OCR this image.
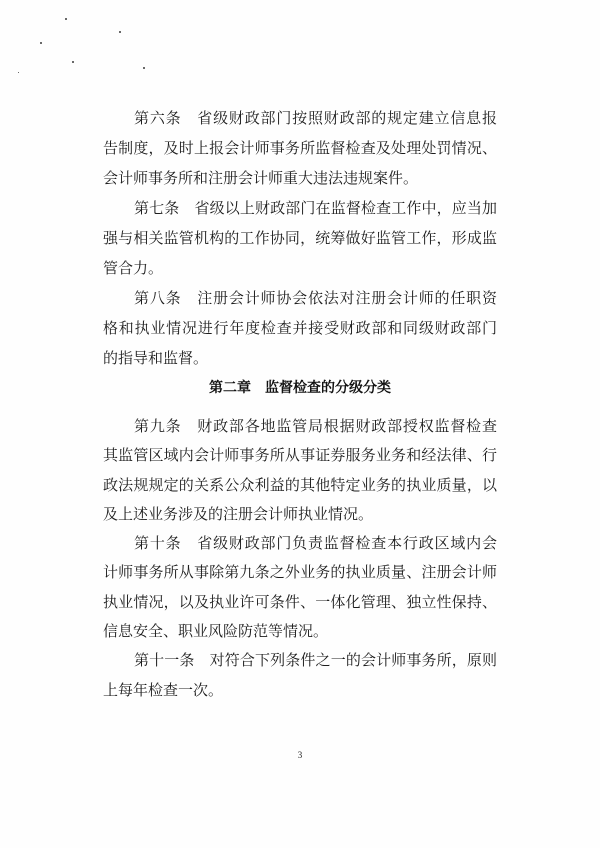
第六条　省级财政部门按照财政部的规定建立信息报
告制度，及时上报会计师事务所监督检查及处理处罚情况、
会计师事务所和注册会计师重大违法违规案件。
第七条　省级以上财政部门在监督检查工作中，应当加
强与相关监管机构的工作协同，统筹做好监管工作，形成监
管合力。
第八条　注册会计师协会依法对注册会计师的任职资
格和执业情况进行年度检查并接受财政部和同级财政部门
的指导和监督。
第二章　监督检查的分级分类
第九条　财政部各地监管局根据财政部授权监督检查
其监管区域内会计师事务所从事证券服务业务和经法律、行
政法规规定的关系公众利益的其他特定业务的执业质量，以
及上述业务涉及的注册会计师执业情况。
第十条　省级财政部门负责监督检查本行政区域内会
计师事务所从事除第九条之外业务的执业质量、注册会计师
执业情况，以及执业许可条件、一体化管理、独立性保持、
信息安全、职业风险防范等情况。
第十一条　对符合下列条件之一的会计师事务所，原则
上每年检查一次。
3
